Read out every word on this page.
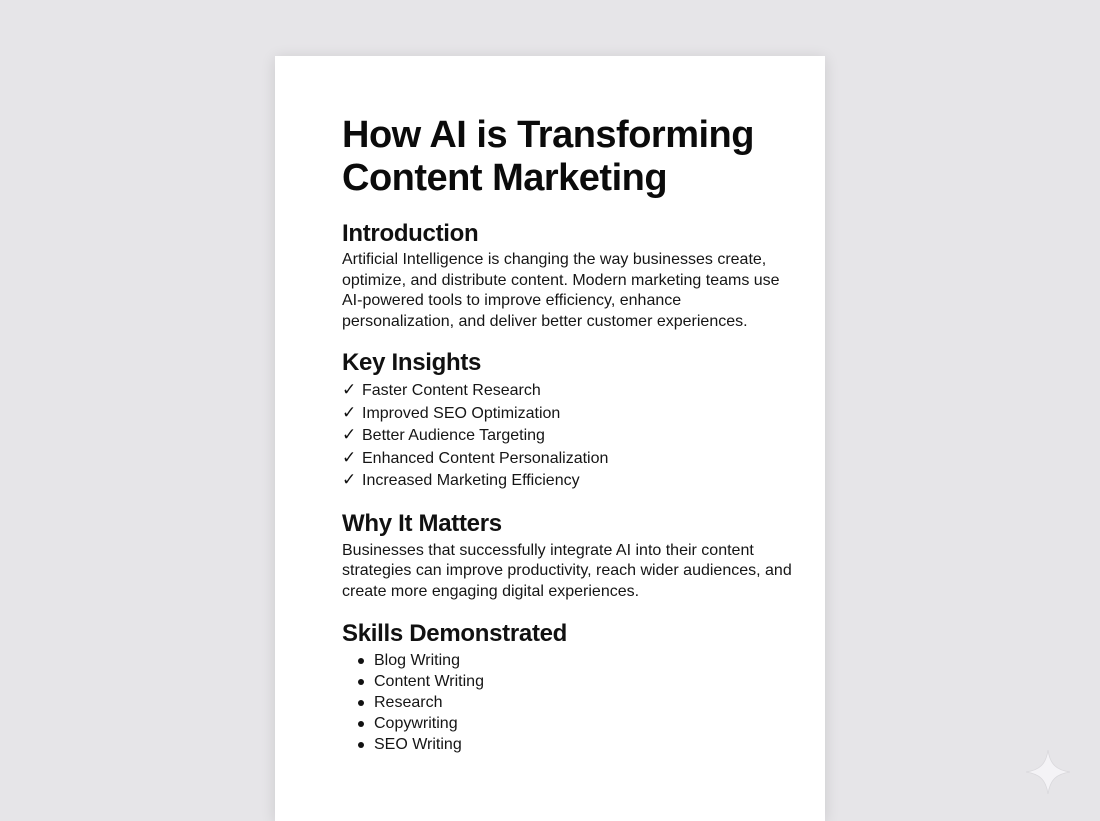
How AI is Transforming Content Marketing
Introduction

Artificial Intelligence is changing the way businesses create, optimize, and distribute content. Modern marketing teams use AI-powered tools to improve efficiency, enhance personalization, and deliver better customer experiences.

Key Insights
✓ Faster Content Research
✓ Improved SEO Optimization
✓ Better Audience Targeting
✓ Enhanced Content Personalization
✓ Increased Marketing Efficiency
Why It Matters

Businesses that successfully integrate AI into their content strategies can improve productivity, reach wider audiences, and create more engaging digital experiences.

Skills Demonstrated
Blog Writing
Content Writing
Research
Copywriting
SEO Writing
